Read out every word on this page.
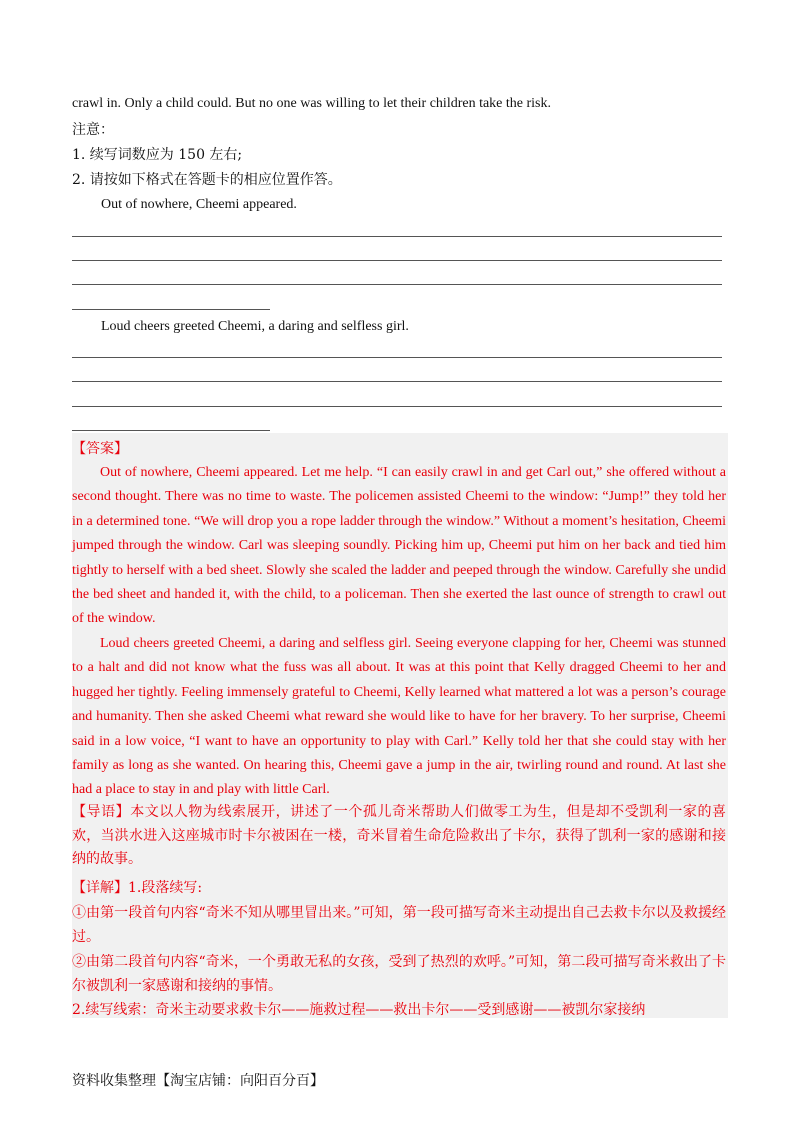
crawl in. Only a child could. But no one was willing to let their children take the risk.
注意：
1. 续写词数应为 150 左右;
2. 请按如下格式在答题卡的相应位置作答。
Out of nowhere, Cheemi appeared.
Loud cheers greeted Cheemi, a daring and selfless girl.
【答案】

Out of nowhere, Cheemi appeared. Let me help. “I can easily crawl in and get Carl out,” she offered without a second thought. There was no time to waste. The policemen assisted Cheemi to the window: “Jump!” they told her in a determined tone. “We will drop you a rope ladder through the window.” Without a moment’s hesitation, Cheemi jumped through the window. Carl was sleeping soundly. Picking him up, Cheemi put him on her back and tied him tightly to herself with a bed sheet. Slowly she scaled the ladder and peeped through the window. Carefully she undid the bed sheet and handed it, with the child, to a policeman. Then she exerted the last ounce of strength to crawl out of the window.

Loud cheers greeted Cheemi, a daring and selfless girl. Seeing everyone clapping for her, Cheemi was stunned to a halt and did not know what the fuss was all about. It was at this point that Kelly dragged Cheemi to her and hugged her tightly. Feeling immensely grateful to Cheemi, Kelly learned what mattered a lot was a person’s courage and humanity. Then she asked Cheemi what reward she would like to have for her bravery. To her surprise, Cheemi said in a low voice, “I want to have an opportunity to play with Carl.” Kelly told her that she could stay with her family as long as she wanted. On hearing this, Cheemi gave a jump in the air, twirling round and round. At last she had a place to stay in and play with little Carl.

【导语】本文以人物为线索展开，讲述了一个孤儿奇米帮助人们做零工为生，但是却不受凯利一家的喜欢，当洪水进入这座城市时卡尔被困在一楼，奇米冒着生命危险救出了卡尔，获得了凯利一家的感谢和接纳的故事。

【详解】1.段落续写:

①由第一段首句内容“奇米不知从哪里冒出来。”可知，第一段可描写奇米主动提出自己去救卡尔以及救援经过。

②由第二段首句内容“奇米，一个勇敢无私的女孩，受到了热烈的欢呼。”可知，第二段可描写奇米救出了卡尔被凯利一家感谢和接纳的事情。

2.续写线索：奇米主动要求救卡尔——施救过程——救出卡尔——受到感谢——被凯尔家接纳
资料收集整理【淘宝店铺：向阳百分百】
